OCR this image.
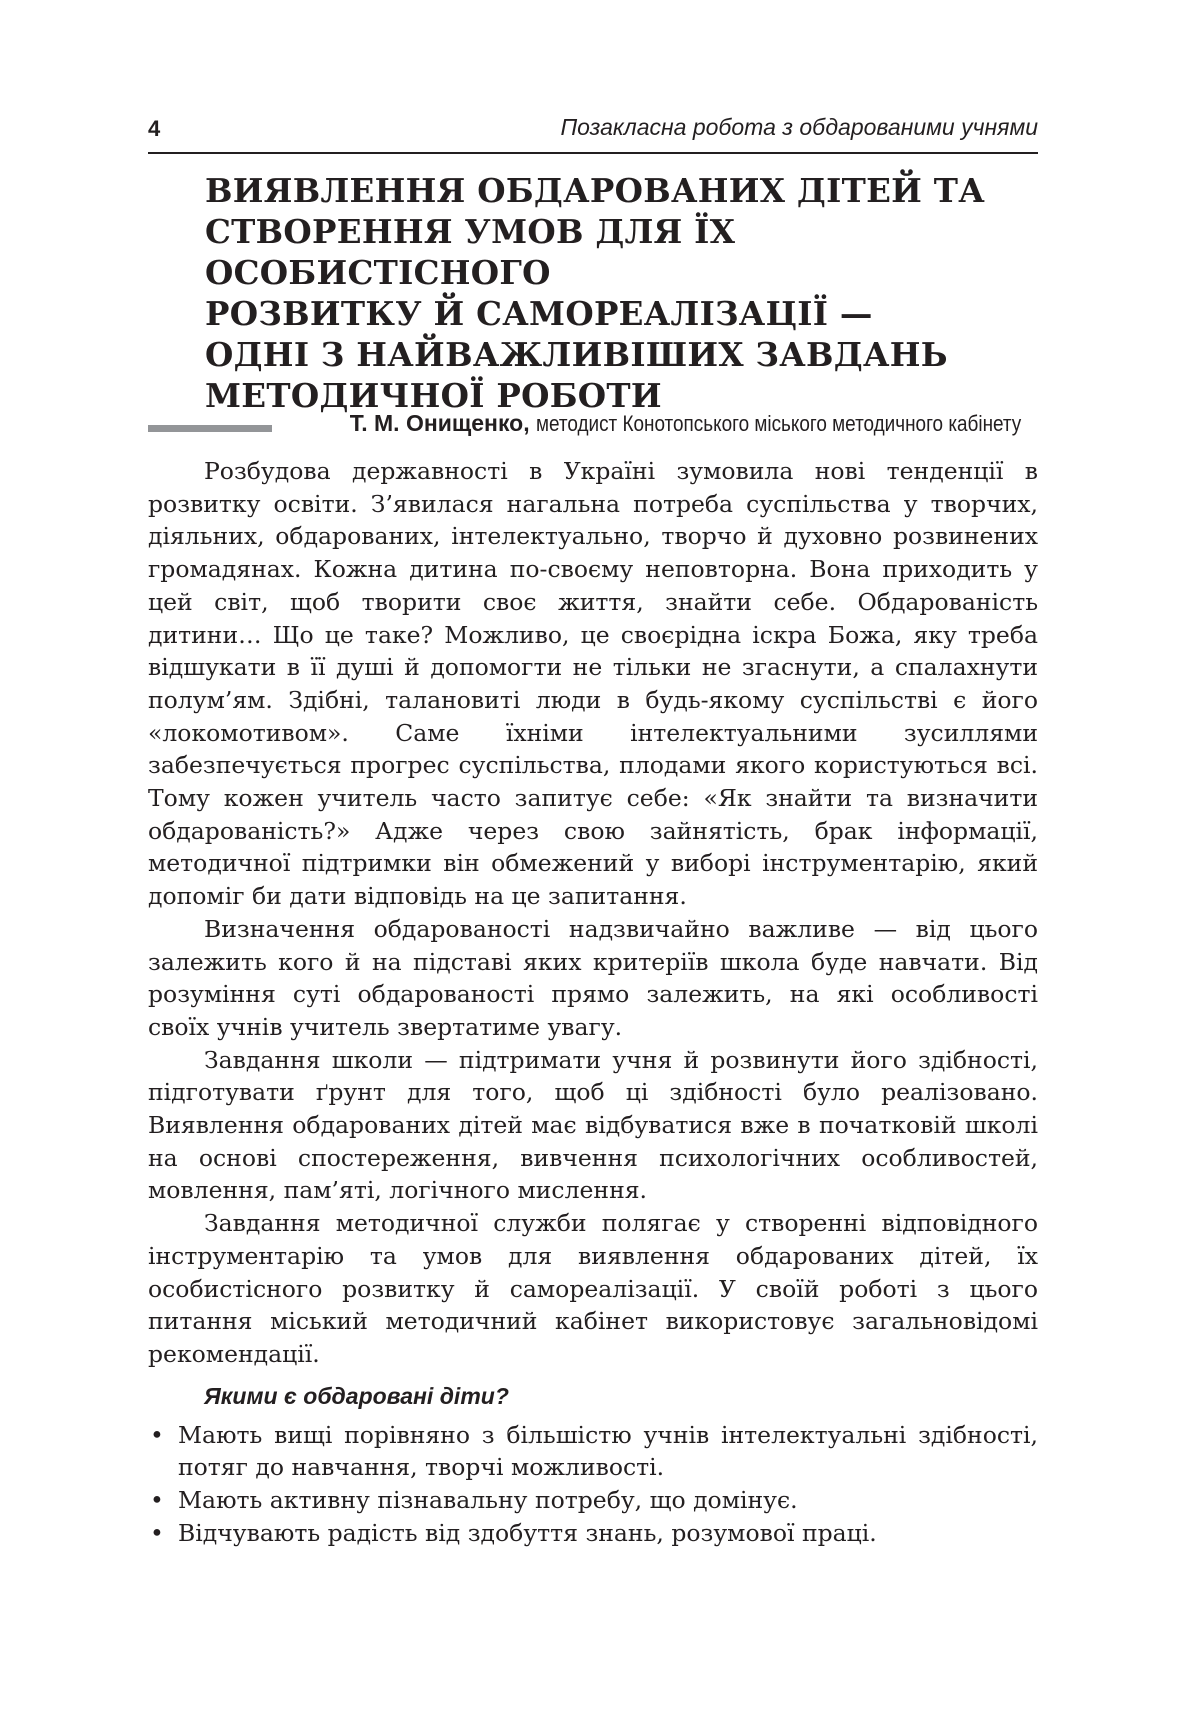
4	Позакласна робота з обдарованими учнями
ВИЯВЛЕННЯ ОБДАРОВАНИХ ДІТЕЙ ТА
СТВОРЕННЯ УМОВ ДЛЯ ЇХ ОСОБИСТІСНОГО
РОЗВИТКУ Й САМОРЕАЛІЗАЦІЇ —
ОДНІ З НАЙВАЖЛИВІШИХ ЗАВДАНЬ
МЕТОДИЧНОЇ РОБОТИ
Т. М. Онищенко, методист Конотопського міського методичного кабінету

Розбудова державності в Україні зумовила нові тенденції в розвитку освіти. З’явилася нагальна потреба суспільства у творчих, діяльних, обдарованих, інтелектуально, творчо й духовно розвинених громадянах. Кожна дитина по-своєму неповторна. Вона приходить у цей світ, щоб творити своє життя, знайти себе. Обдарованість дитини… Що це таке? Можливо, це своєрідна іскра Божа, яку треба відшукати в її душі й допомогти не тільки не згаснути, а спалахнути полум’ям. Здібні, талановиті люди в будь-якому суспільстві є його «локомотивом». Саме їхніми інтелектуальними зусиллями забезпечується прогрес суспільства, плодами якого користуються всі. Тому кожен учитель часто запитує себе: «Як знайти та визначити обдарованість?» Адже через свою зайнятість, брак інформації, методичної підтримки він обмежений у виборі інструментарію, який допоміг би дати відповідь на це запитання.

Визначення обдарованості надзвичайно важливе — від цього залежить кого й на підставі яких критеріїв школа буде навчати. Від розуміння суті обдарованості прямо залежить, на які особливості своїх учнів учитель звертатиме увагу.

Завдання школи — підтримати учня й розвинути його здібності, підготувати ґрунт для того, щоб ці здібності було реалізовано. Виявлення обдарованих дітей має відбуватися вже в початковій школі на основі спостереження, вивчення психологічних особливостей, мовлення, пам’яті, логічного мислення.

Завдання методичної служби полягає у створенні відповідного інструментарію та умов для виявлення обдарованих дітей, їх особистісного розвитку й самореалізації. У своїй роботі з цього питання міський методичний кабінет використовує загальновідомі рекомендації.

Якими є обдаровані діти?
• Мають вищі порівняно з більшістю учнів інтелектуальні здібності, потяг до навчання, творчі можливості.
• Мають активну пізнавальну потребу, що домінує.
• Відчувають радість від здобуття знань, розумової праці.
